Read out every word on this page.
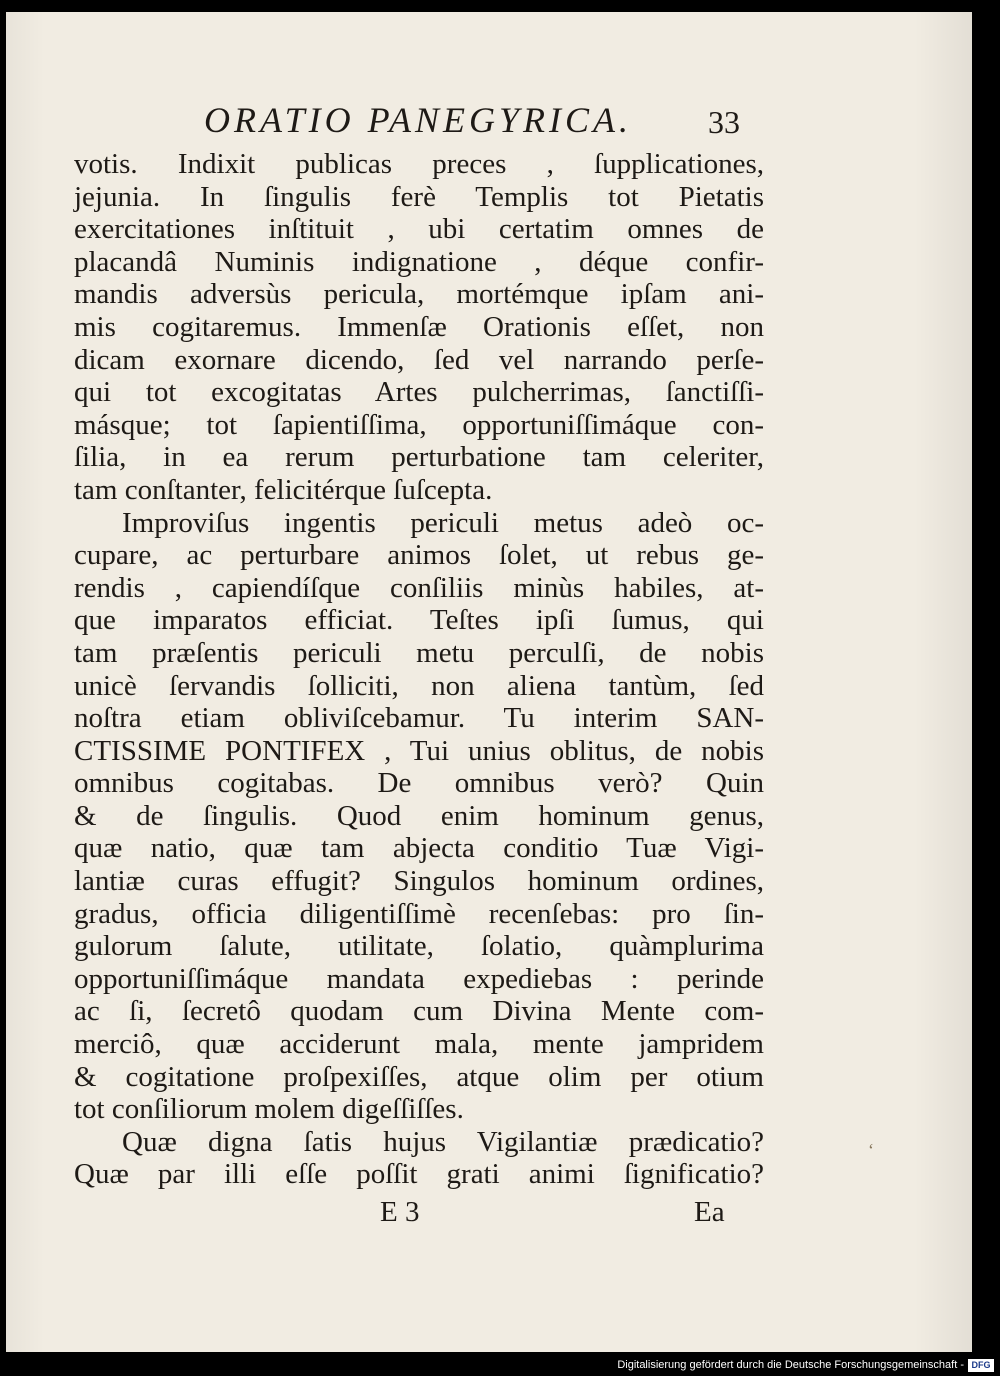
ORATIO PANEGYRICA. 33
votis. Indixit publicas preces , ſupplicationes,
jejunia. In ſingulis ferè Templis tot Pietatis
exercitationes inſtituit , ubi certatim omnes de
placandâ Numinis indignatione , déque confir-
mandis adversùs pericula, mortémque ipſam ani-
mis cogitaremus. Immenſæ Orationis eſſet, non
dicam exornare dicendo, ſed vel narrando perſe-
qui tot excogitatas Artes pulcherrimas, ſanctiſſi-
másque; tot ſapientiſſima, opportuniſſimáque con-
ſilia, in ea rerum perturbatione tam celeriter,
tam conſtanter, felicitérque ſuſcepta.
Improviſus ingentis periculi metus adeò oc-
cupare, ac perturbare animos ſolet, ut rebus ge-
rendis , capiendíſque conſiliis minùs habiles, at-
que imparatos efficiat. Teſtes ipſi ſumus, qui
tam præſentis periculi metu perculſi, de nobis
unicè ſervandis ſolliciti, non aliena tantùm, ſed
noſtra etiam obliviſcebamur. Tu interim SAN-
CTISSIME PONTIFEX , Tui unius oblitus, de nobis
omnibus cogitabas. De omnibus verò? Quin
& de ſingulis. Quod enim hominum genus,
quæ natio, quæ tam abjecta conditio Tuæ Vigi-
lantiæ curas effugit? Singulos hominum ordines,
gradus, officia diligentiſſimè recenſebas: pro ſin-
gulorum ſalute, utilitate, ſolatio, quàmplurima
opportuniſſimáque mandata expediebas : perinde
ac ſi, ſecretô quodam cum Divina Mente com-
merciô, quæ acciderunt mala, mente jampridem
& cogitatione proſpexiſſes, atque olim per otium
tot conſiliorum molem digeſſiſſes.
Quæ digna ſatis hujus Vigilantiæ prædicatio?
Quæ par illi eſſe poſſit grati animi ſignificatio?
E 3	Ea
ʻ
Digitalisierung gefördert durch die Deutsche Forschungsgemeinschaft - DFG
